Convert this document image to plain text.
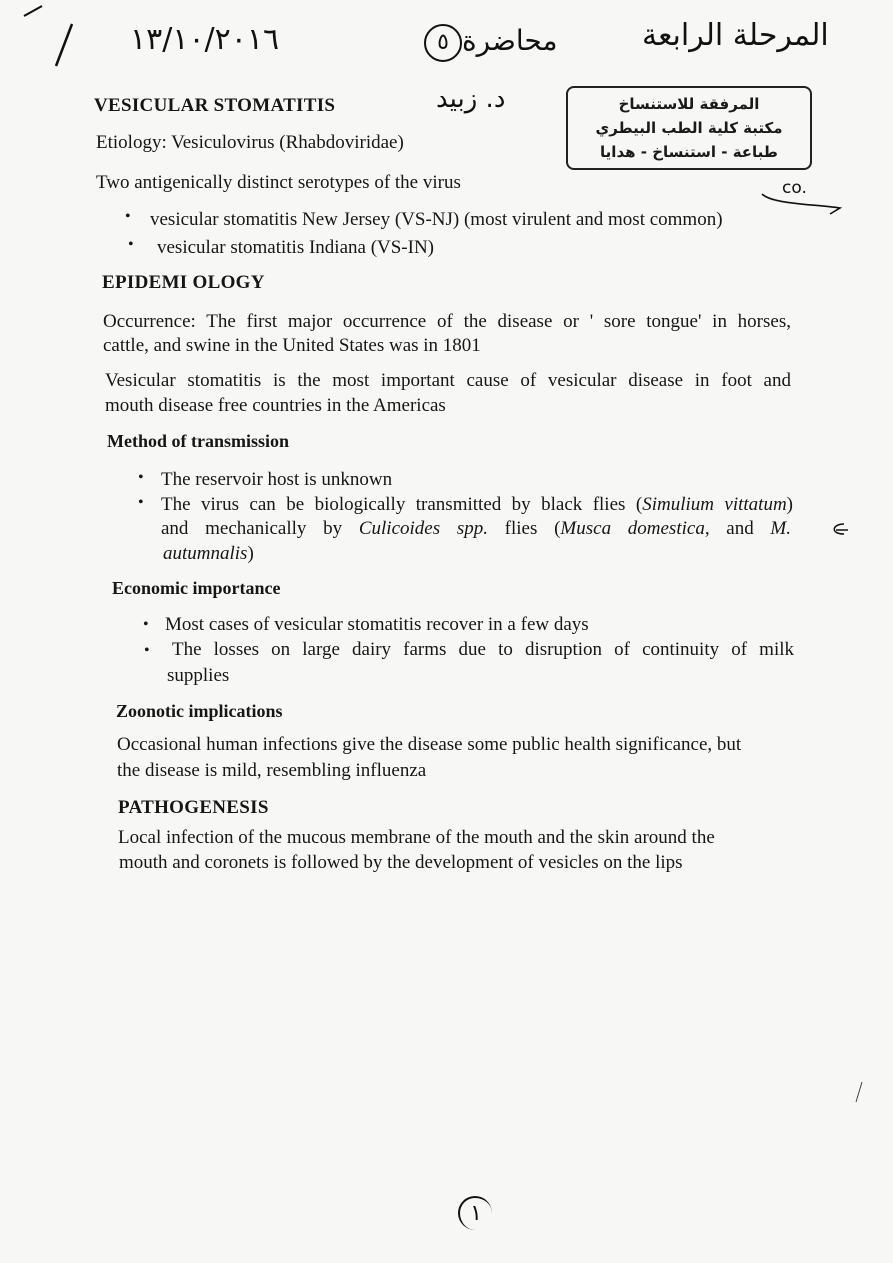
١٣/١٠/٢٠١٦	٥ محاضرة	المرحلة الرابعة
د. زبيد	المرفقة للاستنساخ
مكتبة كلية الطب البيطري
طباعة - استنساخ - هدايا
VESICULAR STOMATITIS
Etiology: Vesiculovirus (Rhabdoviridae)
Two antigenically distinct serotypes of the virus
• vesicular stomatitis New Jersey (VS-NJ) (most virulent and most common)
• vesicular stomatitis Indiana (VS-IN)
co.
EPIDEMI OLOGY
Occurrence: The first major occurrence of the disease or ' sore tongue' in horses,
cattle, and swine in the United States was in 1801
Vesicular stomatitis is the most important cause of vesicular disease in foot and
mouth disease free countries in the Americas
Method of transmission
• The reservoir host is unknown
• The virus can be biologically transmitted by black flies (Simulium vittatum)
and mechanically by Culicoides spp. flies (Musca domestica, and M.
autumnalis)
Economic importance
• Most cases of vesicular stomatitis recover in a few days
• The losses on large dairy farms due to disruption of continuity of milk
supplies
Zoonotic implications
Occasional human infections give the disease some public health significance, but
the disease is mild, resembling influenza
PATHOGENESIS
Local infection of the mucous membrane of the mouth and the skin around the
mouth and coronets is followed by the development of vesicles on the lips
١
